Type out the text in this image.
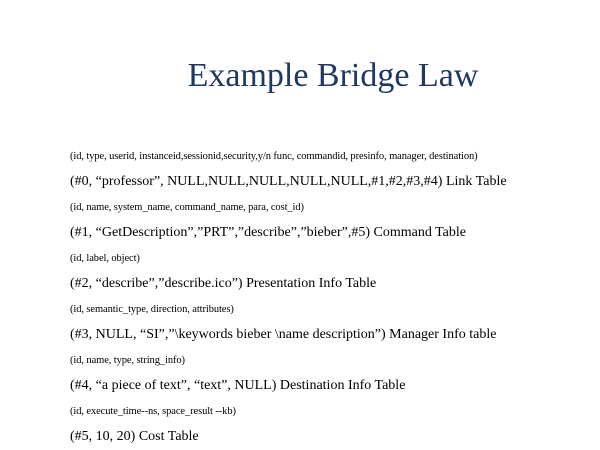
Example Bridge Law
(id, type, userid, instanceid,sessionid,security,y/n func, commandid, presinfo, manager, destination)
(#0, “professor”, NULL,NULL,NULL,NULL,NULL,#1,#2,#3,#4) Link Table
(id, name, system_name, command_name, para, cost_id)
(#1, “GetDescription”,”PRT”,”describe”,”bieber”,#5) Command Table
(id, label, object)
(#2, “describe”,”describe.ico”) Presentation Info Table
(id, semantic_type, direction, attributes)
(#3, NULL, “SI”,”\keywords bieber \name description”) Manager Info table
(id, name, type, string_info)
(#4, “a piece of text”, “text”, NULL) Destination Info Table
(id, execute_time--ns, space_result --kb)
(#5, 10, 20) Cost Table
